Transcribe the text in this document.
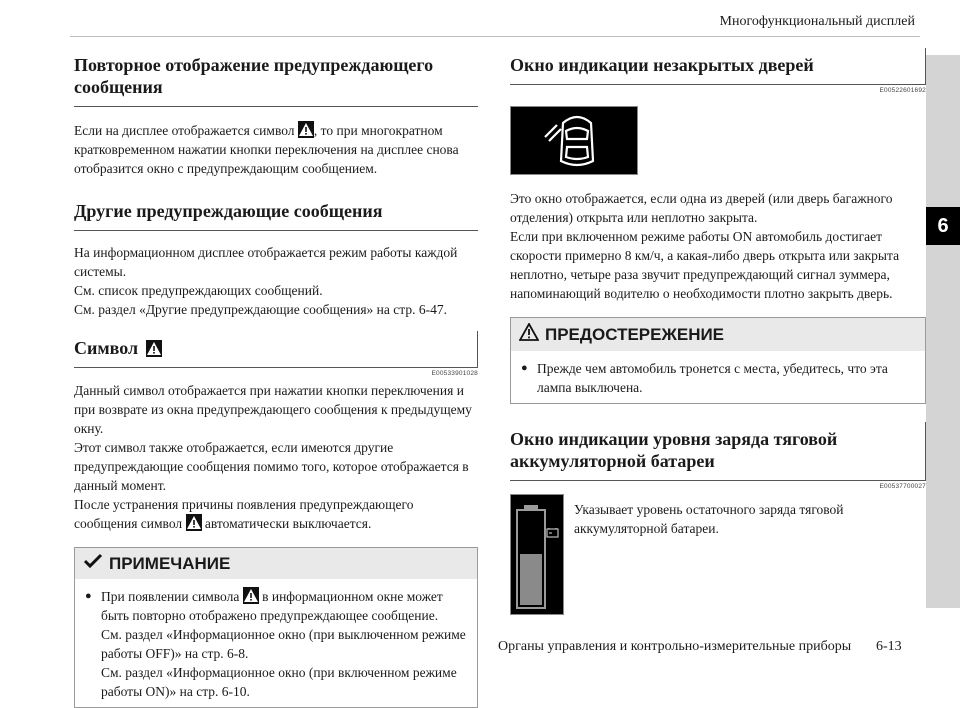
Многофункциональный дисплей
6
Повторное отображение предупреждающего сообщения

Если на дисплее отображается символ
, то при многократном кратковременном нажатии кнопки переключения на дисплее снова отобразится окно с предупреждающим сообщением.

Другие предупреждающие сообщения

На информационном дисплее отображается режим работы каждой системы.

См. список предупреждающих сообщений.

См. раздел «Другие предупреждающие сообщения» на стр. 6-47.

Символ
E00533901028

Данный символ отображается при нажатии кнопки переключения и при возврате из окна предупреждающего сообщения к предыдущему окну.

Этот символ также отображается, если имеются другие предупреждающие сообщения помимо того, которое отображается в данный момент.

После устранения причины появления предупреждающего сообщения символ
автоматически выключается.

ПРИМЕЧАНИЕ
● При появлении символа
в информационном окне может быть повторно отображено предупреждающее сообщение.
См. раздел «Информационное окно (при выключенном режиме работы OFF)» на стр. 6-8.
См. раздел «Информационное окно (при включенном режиме работы ON)» на стр. 6-10.
Окно индикации незакрытых дверей
E00522601692

Это окно отображается, если одна из дверей (или дверь багажного отделения) открыта или неплотно закрыта.

Если при включенном режиме работы ON автомобиль достигает скорости примерно 8 км/ч, а какая-либо дверь открыта или закрыта неплотно, четыре раза звучит предупреждающий сигнал зуммера, напоминающий водителю о необходимости плотно закрыть дверь.

ПРЕДОСТЕРЕЖЕНИЕ
● Прежде чем автомобиль тронется с места, убедитесь, что эта лампа выключена.
Окно индикации уровня заряда тяговой
аккумуляторной батареи
E00537700027

Указывает уровень остаточного заряда тяговой аккумуляторной батареи.

Органы управления и контрольно-измерительные приборы 6-13
